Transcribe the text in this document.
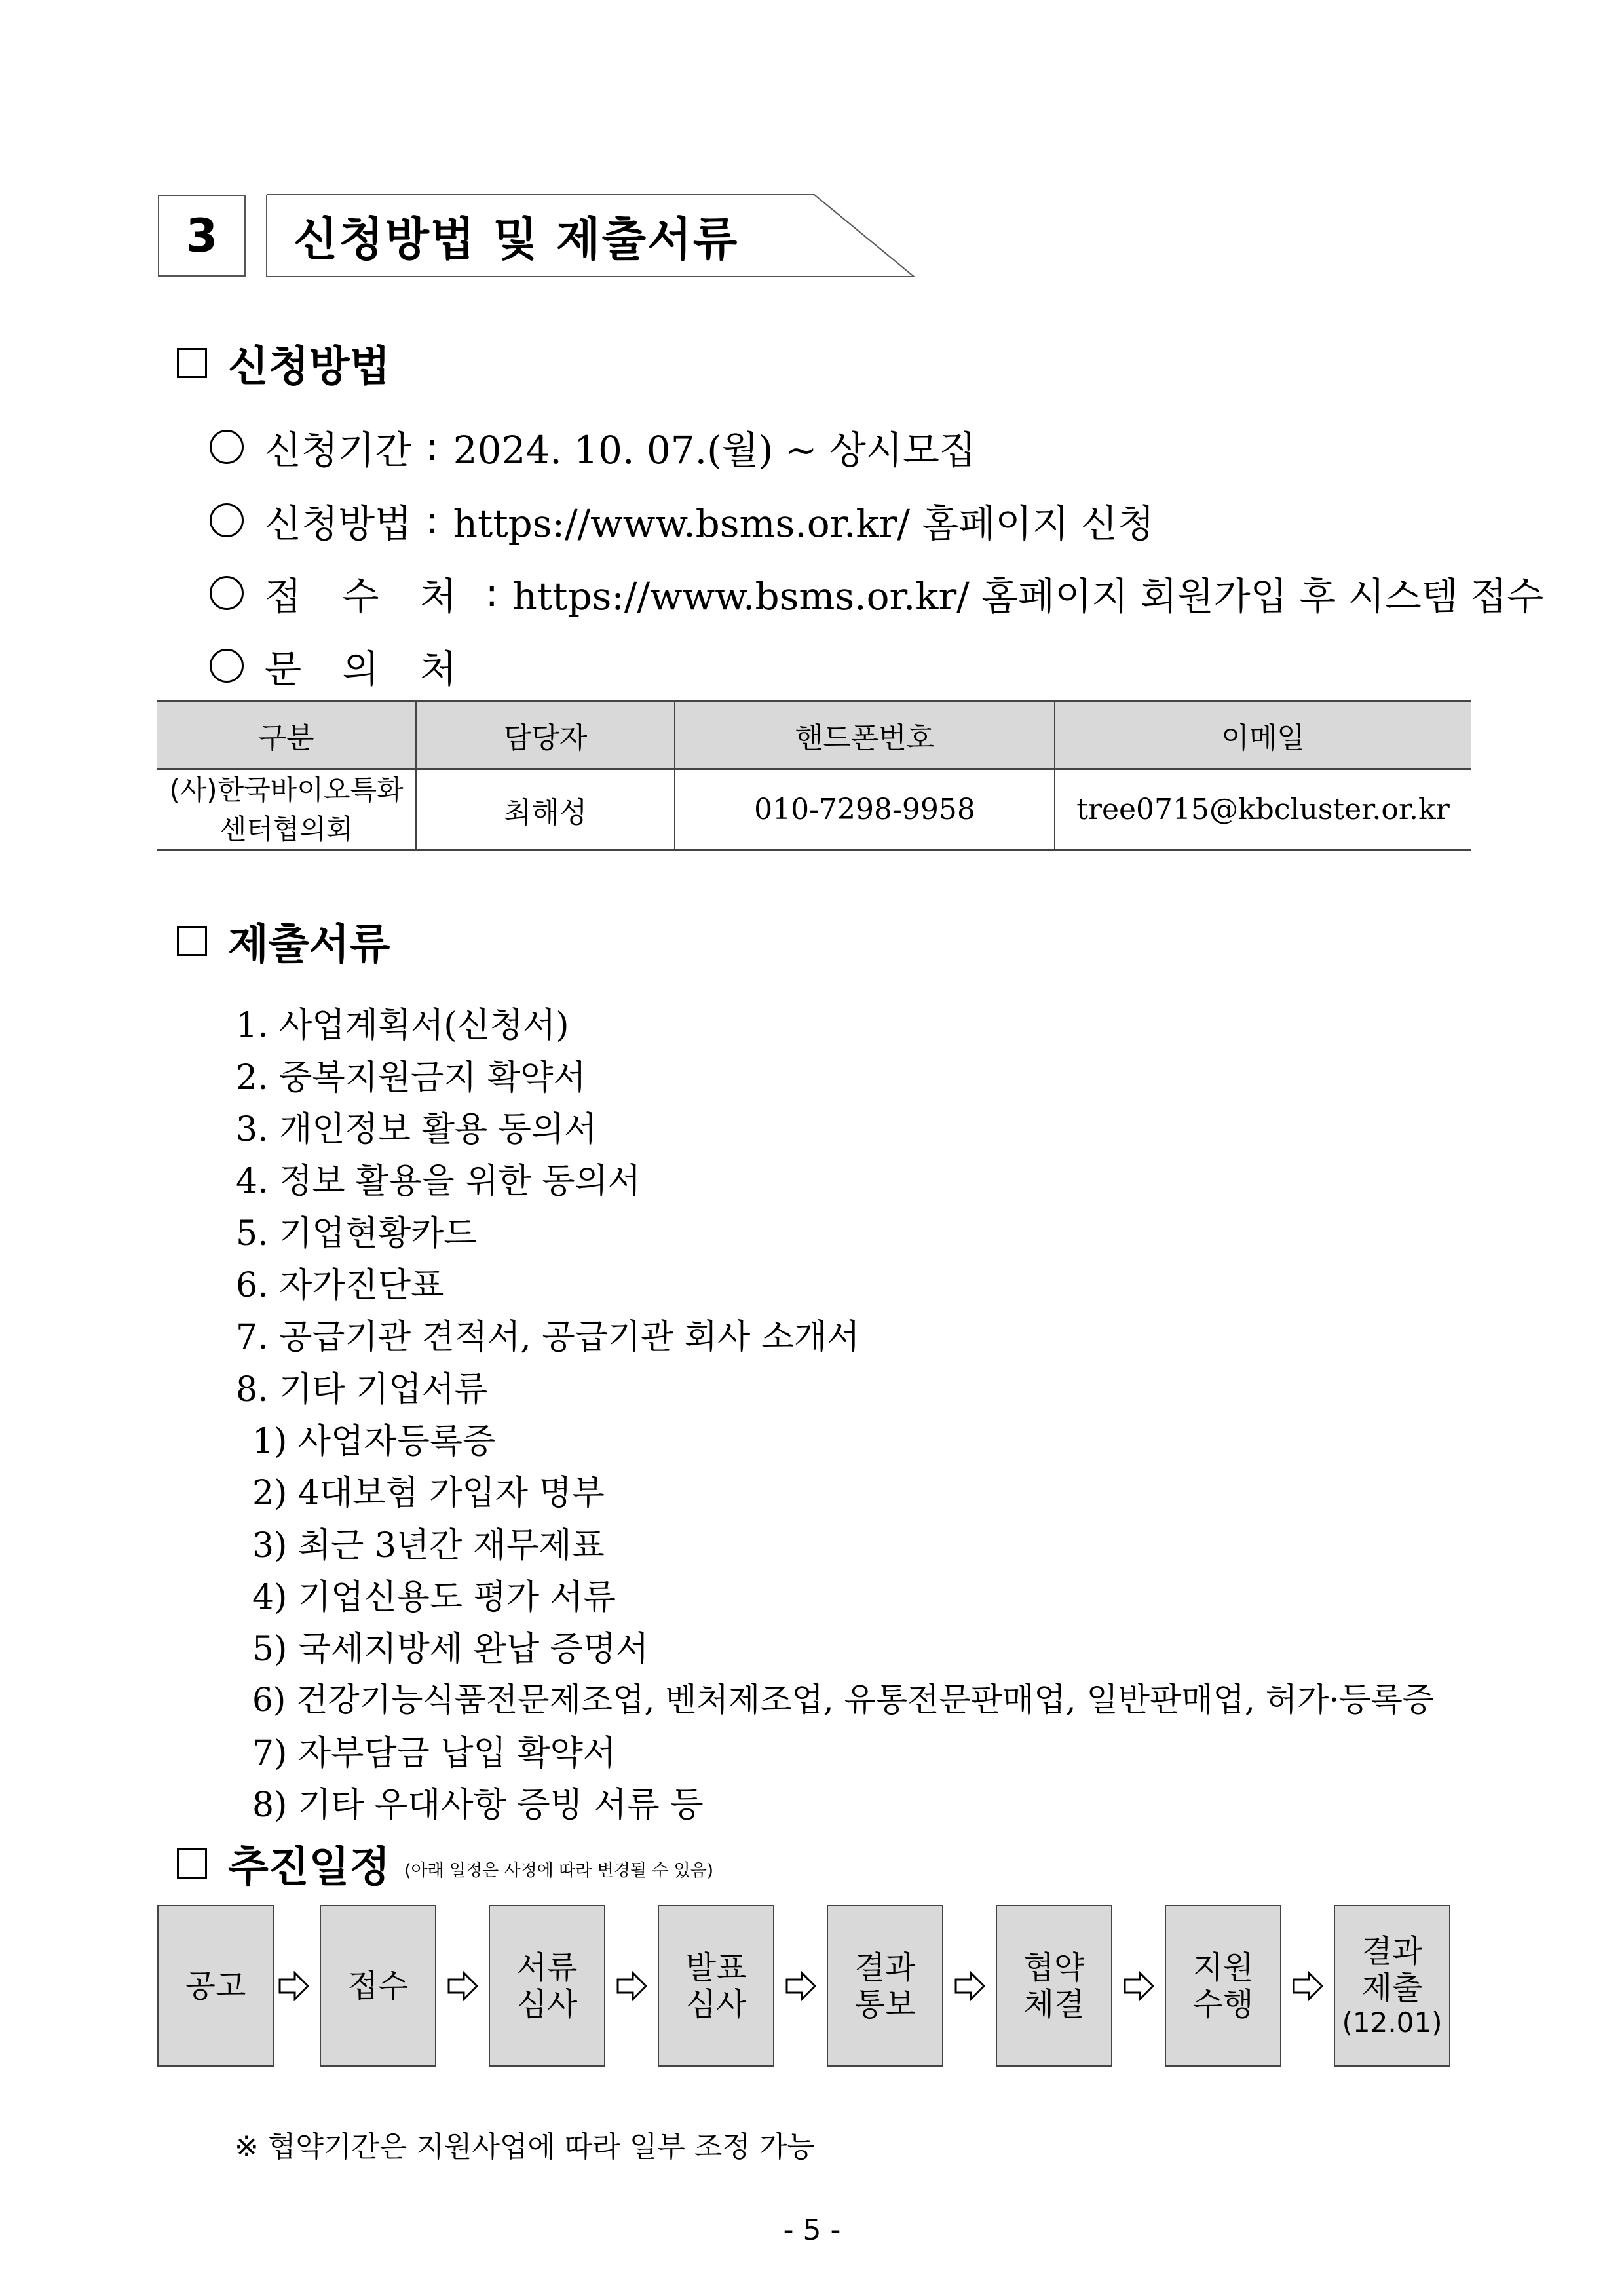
3 신청방법 및 제출서류
신청방법
신청기간 : 2024. 10. 07.(월) ~ 상시모집
신청방법 : https://www.bsms.or.kr/ 홈페이지 신청
접 수 처 : https://www.bsms.or.kr/ 홈페이지 회원가입 후 시스템 접수
문 의 처
구분	담당자	핸드폰번호	이메일

(사)한국바이오특화
센터협의회	최해성	010-7298-9958	tree0715@kbcluster.or.kr
제출서류
1. 사업계획서(신청서)
2. 중복지원금지 확약서
3. 개인정보 활용 동의서
4. 정보 활용을 위한 동의서
5. 기업현황카드
6. 자가진단표
7. 공급기관 견적서, 공급기관 회사 소개서
8. 기타 기업서류
1) 사업자등록증
2) 4대보험 가입자 명부
3) 최근 3년간 재무제표
4) 기업신용도 평가 서류
5) 국세지방세 완납 증명서
6) 건강기능식품전문제조업, 벤처제조업, 유통전문판매업, 일반판매업, 허가·등록증
7) 자부담금 납입 확약서
8) 기타 우대사항 증빙 서류 등
추진일정 (아래 일정은 사정에 따라 변경될 수 있음)
공고	접수	서류
심사
발표
심사
결과
통보
협약
체결
지원
수행
결과
제출
(12.01)
※ 협약기간은 지원사업에 따라 일부 조정 가능
- 5 -
